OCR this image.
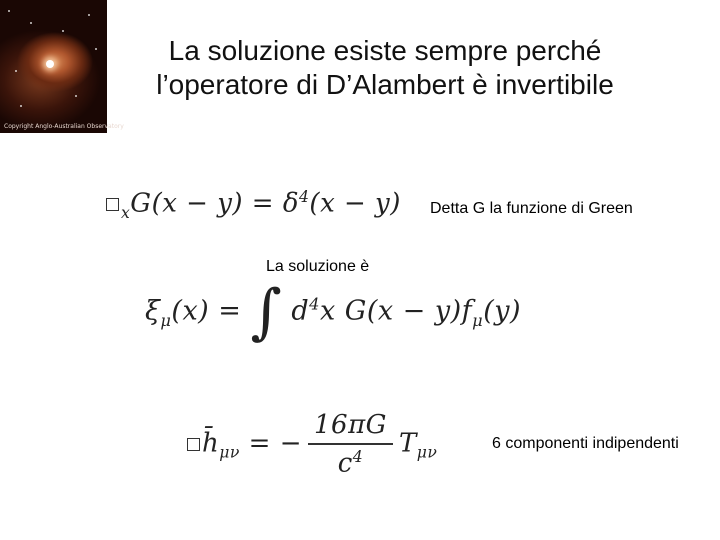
Copyright Anglo-Australian Observatory
La soluzione esiste sempre perché
l’operatore di D’Alambert è invertibile
$_xG(x - y) = \delta^4(x - y)$ Detta G la funzione di Green
La soluzione è
$\xi_\mu(x)$ = ∫ $d^4x$ $G(x - y)f_\mu(y)$
$h̄_{\mu\nu}$ = − $\frac{16\pi G}{c^4} T_{\mu\nu}$
6 componenti indipendenti
